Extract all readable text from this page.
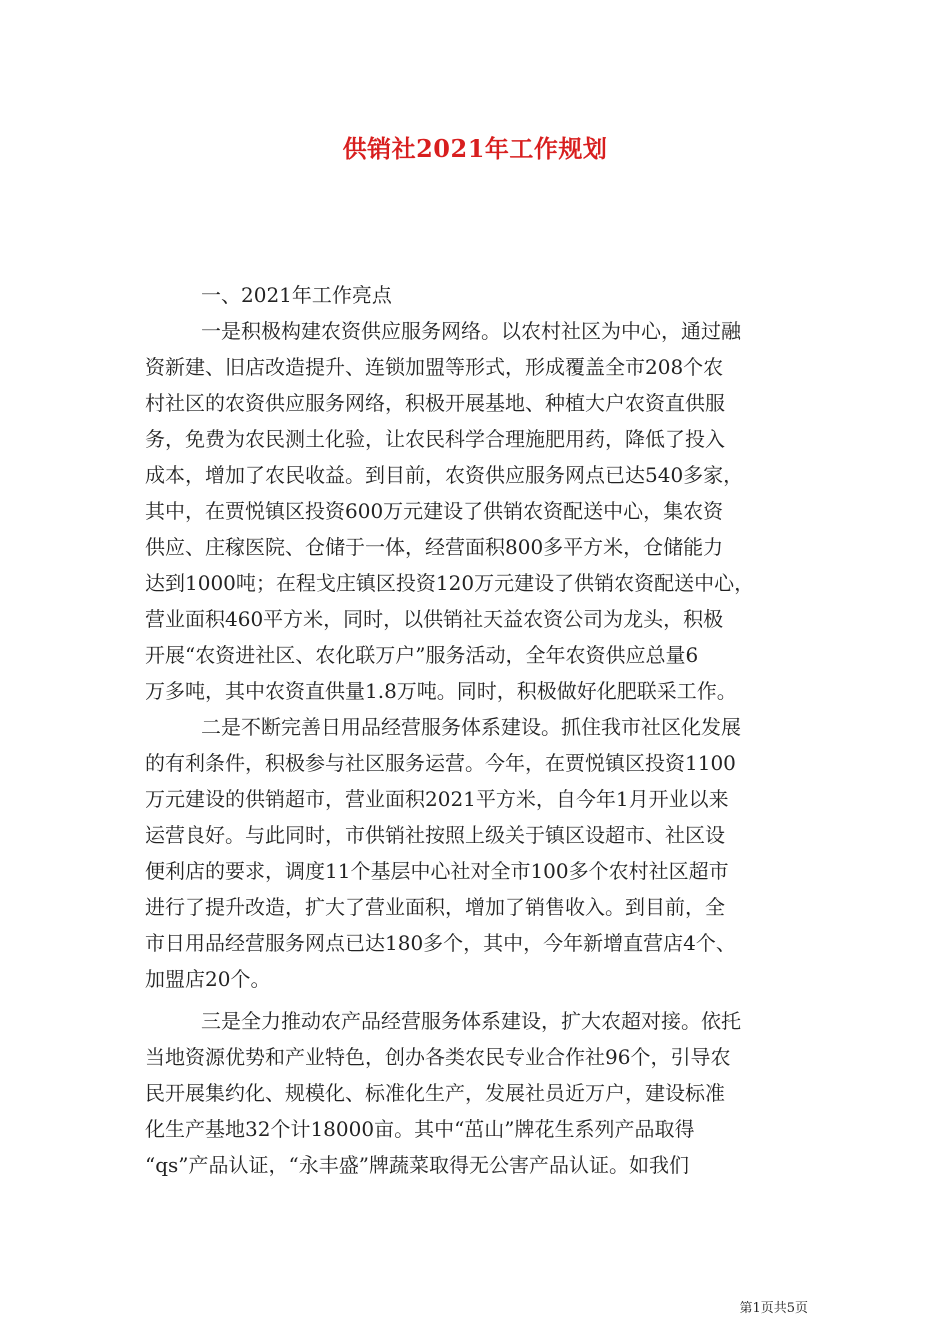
供销社2021年工作规划
一、2021年工作亮点
一是积极构建农资供应服务网络。以农村社区为中心，通过融
资新建、旧店改造提升、连锁加盟等形式，形成覆盖全市208个农
村社区的农资供应服务网络，积极开展基地、种植大户农资直供服
务，免费为农民测土化验，让农民科学合理施肥用药，降低了投入
成本，增加了农民收益。到目前，农资供应服务网点已达540多家，
其中，在贾悦镇区投资600万元建设了供销农资配送中心，集农资
供应、庄稼医院、仓储于一体，经营面积800多平方米，仓储能力
达到1000吨；在程戈庄镇区投资120万元建设了供销农资配送中心，
营业面积460平方米，同时，以供销社天益农资公司为龙头，积极
开展“农资进社区、农化联万户”服务活动，全年农资供应总量6
万多吨，其中农资直供量1.8万吨。同时，积极做好化肥联采工作。
二是不断完善日用品经营服务体系建设。抓住我市社区化发展
的有利条件，积极参与社区服务运营。今年，在贾悦镇区投资1100
万元建设的供销超市，营业面积2021平方米，自今年1月开业以来
运营良好。与此同时，市供销社按照上级关于镇区设超市、社区设
便利店的要求，调度11个基层中心社对全市100多个农村社区超市
进行了提升改造，扩大了营业面积，增加了销售收入。到目前，全
市日用品经营服务网点已达180多个，其中，今年新增直营店4个、
加盟店20个。
三是全力推动农产品经营服务体系建设，扩大农超对接。依托
当地资源优势和产业特色，创办各类农民专业合作社96个，引导农
民开展集约化、规模化、标准化生产，发展社员近万户，建设标准
化生产基地32个计18000亩。其中“茁山”牌花生系列产品取得
“qs”产品认证，“永丰盛”牌蔬菜取得无公害产品认证。如我们
第1页共5页
